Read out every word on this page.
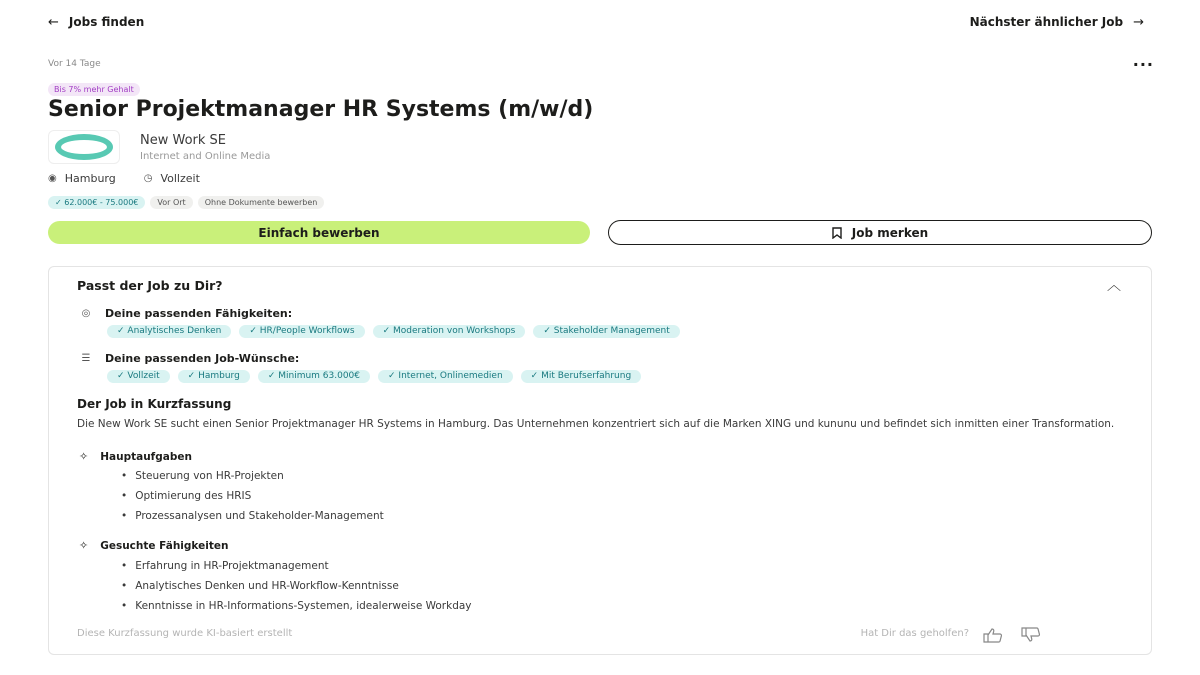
← Jobs finden	Nächster ähnlicher Job →
Vor 14 Tage	···
Bis 7% mehr Gehalt
Senior Projektmanager HR Systems (m/w/d)
New Work SE
Internet and Online Media
◉ Hamburg	◷ Vollzeit
✓ 62.000€ - 75.000€	Vor Ort	Ohne Dokumente bewerben
Einfach bewerben	Job merken
Passt der Job zu Dir?	︿
◎ Deine passenden Fähigkeiten:
✓ Analytisches Denken	✓ HR/People Workflows	✓ Moderation von Workshops	✓ Stakeholder Management
☰ Deine passenden Job-Wünsche:
✓ Vollzeit	✓ Hamburg	✓ Minimum 63.000€	✓ Internet, Onlinemedien	✓ Mit Berufserfahrung
Der Job in Kurzfassung
Die New Work SE sucht einen Senior Projektmanager HR Systems in Hamburg. Das Unternehmen konzentriert sich auf die Marken XING und kununu und befindet sich inmitten einer Transformation.
✧ Hauptaufgaben
• Steuerung von HR-Projekten
• Optimierung des HRIS
• Prozessanalysen und Stakeholder-Management
✧ Gesuchte Fähigkeiten
• Erfahrung in HR-Projektmanagement
• Analytisches Denken und HR-Workflow-Kenntnisse
• Kenntnisse in HR-Informations-Systemen, idealerweise Workday
Diese Kurzfassung wurde KI-basiert erstellt	Hat Dir das geholfen?
